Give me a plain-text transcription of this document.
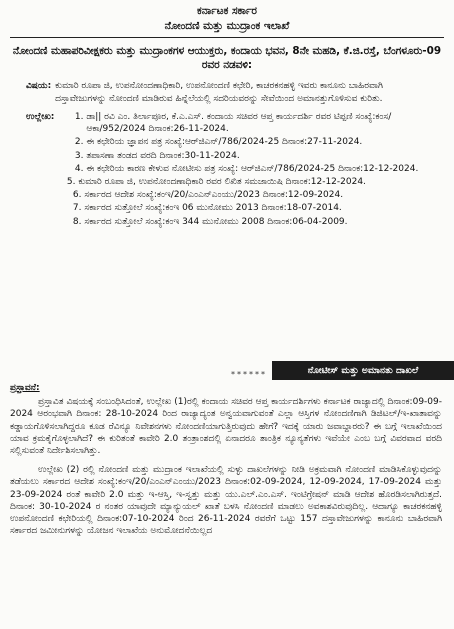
ಕರ್ನಾಟಕ ಸರ್ಕಾರ
ನೋಂದಣಿ ಮತ್ತು ಮುದ್ರಾಂಕ ಇಲಾಖೆ
ನೋಂದಣಿ ಮಹಾಪರಿವೀಕ್ಷಕರು ಮತ್ತು ಮುದ್ರಾಂಕಗಳ ಆಯುಕ್ತರು, ಕಂದಾಯ ಭವನ, 8ನೇ ಮಹಡಿ, ಕೆ.ಜಿ.ರಸ್ತೆ, ಬೆಂಗಳೂರು-09 ರವರ ನಡವಳಿ:
ವಿಷಯ: ಕುಮಾರಿ ರೂಪಾ ಜಿ, ಉಪನೋಂದಣಾಧಿಕಾರಿ, ಉಪನೋಂದಣಿ ಕಛೇರಿ, ಕಾಚರಕನಹಳ್ಳಿ ಇವರು ಕಾನೂನು ಬಾಹಿರವಾಗಿ ದಸ್ತಾವೇಜುಗಳನ್ನು ನೋಂದಣಿ ಮಾಡಿರುವ ಹಿನ್ನೆಲೆಯಲ್ಲಿ ಸದರಿಯವರನ್ನು ಸೇವೆಯಿಂದ ಅಮಾನತ್ತುಗೊಳಿಸುವ ಕುರಿತು.
ಉಲ್ಲೇಖ:
1.	ಡಾ|| ರವಿ ಎಂ. ತಿರ್ಲಾಪೂರ, ಕೆ.ಎ.ಎಸ್. ಕಂದಾಯ ಸಚಿವರ ಆಪ್ತ ಕಾರ್ಯದರ್ಶಿ ರವರ ಟಿಪ್ಪಣಿ ಸಂಖ್ಯೆ:ಕಂಸ/ಆಕಾ/952/2024 ದಿನಾಂಕ:26-11-2024.
2. ಈ ಕಛೇರಿಯ ಜ್ಞಾಪನ ಪತ್ರ ಸಂಖ್ಯೆ:ಆರ್‌ಜಿಎನ್/786/2024-25 ದಿನಾಂಕ:27-11-2024.
3. ತಪಾಸಣಾ ತಂಡದ ವರದಿ ದಿನಾಂಕ:30-11-2024.
4. ಈ ಕಛೇರಿಯ ಕಾರಣ ಕೇಳುವ ನೋಟೀಸು ಪತ್ರ ಸಂಖ್ಯೆ: ಆರ್‌ಜಿಎನ್/786/2024-25 ದಿನಾಂಕ:12-12-2024.
5. ಕುಮಾರಿ ರೂಪಾ ಜಿ, ಉಪನೋಂದಣಾಧಿಕಾರಿ ರವರ ಲಿಖಿತ ಸಮಜಾಯಿಷಿ ದಿನಾಂಕ:12-12-2024.
6. ಸರ್ಕಾರದ ಆದೇಶ ಸಂಖ್ಯೆ:ಕಂಇ/20/ಎಂಎನ್‌ಎಂಯು/2023 ದಿನಾಂಕ:12-09-2024.
7. ಸರ್ಕಾರದ ಸುತ್ತೋಲೆ ಸಂಖ್ಯೆ:ಕಂಇ 06 ಮುನೋಮು 2013 ದಿನಾಂಕ:18-07-2014.
8. ಸರ್ಕಾರದ ಸುತ್ತೋಲೆ ಸಂಖ್ಯೆ:ಕಂಇ 344 ಮುನೋಮು 2008 ದಿನಾಂಕ:06-04-2009.
******	ನೋಟೀಸ್ ಮತ್ತು ಅಮಾನತು ದಾಖಲೆ
ಪ್ರಸ್ತಾವನೆ:

ಪ್ರಸ್ತಾವಿತ ವಿಷಯಕ್ಕೆ ಸಂಬಂಧಿಸಿದಂತೆ, ಉಲ್ಲೇಖ (1)ರಲ್ಲಿ ಕಂದಾಯ ಸಚಿವರ ಆಪ್ತ ಕಾರ್ಯದರ್ಶಿಗಳು ಕರ್ನಾಟಕ ರಾಜ್ಯಾದಲ್ಲಿ ದಿನಾಂಕ:09-09-2024 ಆರಂಭವಾಗಿ ದಿನಾಂಕ: 28-10-2024 ರಿಂದ ರಾಜ್ಯಾದ್ಯಂತ ಅನ್ವಯವಾಗುವಂತೆ ಎಲ್ಲಾ ಆಸ್ತಿಗಳ ನೋಂದಣಿಗಾಗಿ ಡಿಜಿಟಲ್/ಇ-ಖಾತಾವನ್ನು ಕಡ್ಡಾಯಗೊಳಿಸಲಾಗಿದ್ದರೂ ಕೂಡ ರೆವಿನ್ಯೂ ನಿವೇಶನಗಳು ನೋಂದಣಿಯಾಗುತ್ತಿರುವುದು ಹೇಗೆ? ಇದಕ್ಕೆ ಯಾರು ಜವಾಬ್ದಾರರು? ಈ ಬಗ್ಗೆ ಇಲಾಖೆಯಿಂದ ಯಾವ ಕ್ರಮಕೈಗೊಳ್ಳಲಾಗಿದೆ? ಈ ಕುರಿತಂತೆ ಕಾವೇರಿ 2.0 ತಂತ್ರಾಂಶದಲ್ಲಿ ಏನಾದರೂ ತಾಂತ್ರಿಕ ನ್ಯೂನ್ಯತೆಗಳು ಇವೆಯೇ ಎಂಬ ಬಗ್ಗೆ ವಿವರವಾದ ವರದಿ ಸಲ್ಲಿಸುವಂತೆ ನಿರ್ದೇಶಿಸಲಾಗಿತ್ತು.

ಉಲ್ಲೇಖ (2) ರಲ್ಲಿ ನೋಂದಣಿ ಮತ್ತು ಮುದ್ರಾಂಕ ಇಲಾಖೆಯಲ್ಲಿ ಸುಳ್ಳು ದಾಖಲೆಗಳನ್ನು ನೀಡಿ ಅಕ್ರಮವಾಗಿ ನೋಂದಣಿ ಮಾಡಿಸಿಕೊಳ್ಳುವುದನ್ನು ತಡೆಯಲು ಸರ್ಕಾರದ ಆದೇಶ ಸಂಖ್ಯೆ:ಕಂಇ/20/ಎಂಎನ್‌ಎಂಯು/2023 ದಿನಾಂಕ:02-09-2024, 12-09-2024, 17-09-2024 ಮತ್ತು 23-09-2024 ರಂತೆ ಕಾವೇರಿ 2.0 ಮತ್ತು ಇ-ಆಸ್ತಿ, ಇ-ಸ್ವತ್ತು ಮತ್ತು ಯು.ಎಲ್.ಎಂ.ಎಸ್. ಇಂಟಿಗ್ರೇಷನ್ ಮಾಡಿ ಆದೇಶ ಹೊರಡಿಸಲಾಗಿರುತ್ತದೆ. ದಿನಾಂಕ: 30-10-2024 ರ ನಂತರ ಯಾವುದೇ ಮ್ಯಾನ್ಯುಯಲ್ ಖಾತೆ ಬಳಸಿ ನೋಂದಣಿ ಮಾಡಲು ಅವಕಾಶವಿರುವುದಿಲ್ಲ. ಆದಾಗ್ಯೂ ಕಾಚರಕನಹಳ್ಳಿ ಉಪನೋಂದಣಿ ಕಛೇರಿಯಲ್ಲಿ ದಿನಾಂಕ:07-10-2024 ರಿಂದ 26-11-2024 ರವರೆಗೆ ಒಟ್ಟು 157 ದಸ್ತಾವೇಜುಗಳನ್ನು ಕಾನೂನು ಬಾಹಿರವಾಗಿ ಸರ್ಕಾರದ ಜಮೀನುಗಳನ್ನು ಯೋಜನ ಇಲಾಖೆಯ ಅನುಮೋದನೆಯಿಲ್ಲದ
